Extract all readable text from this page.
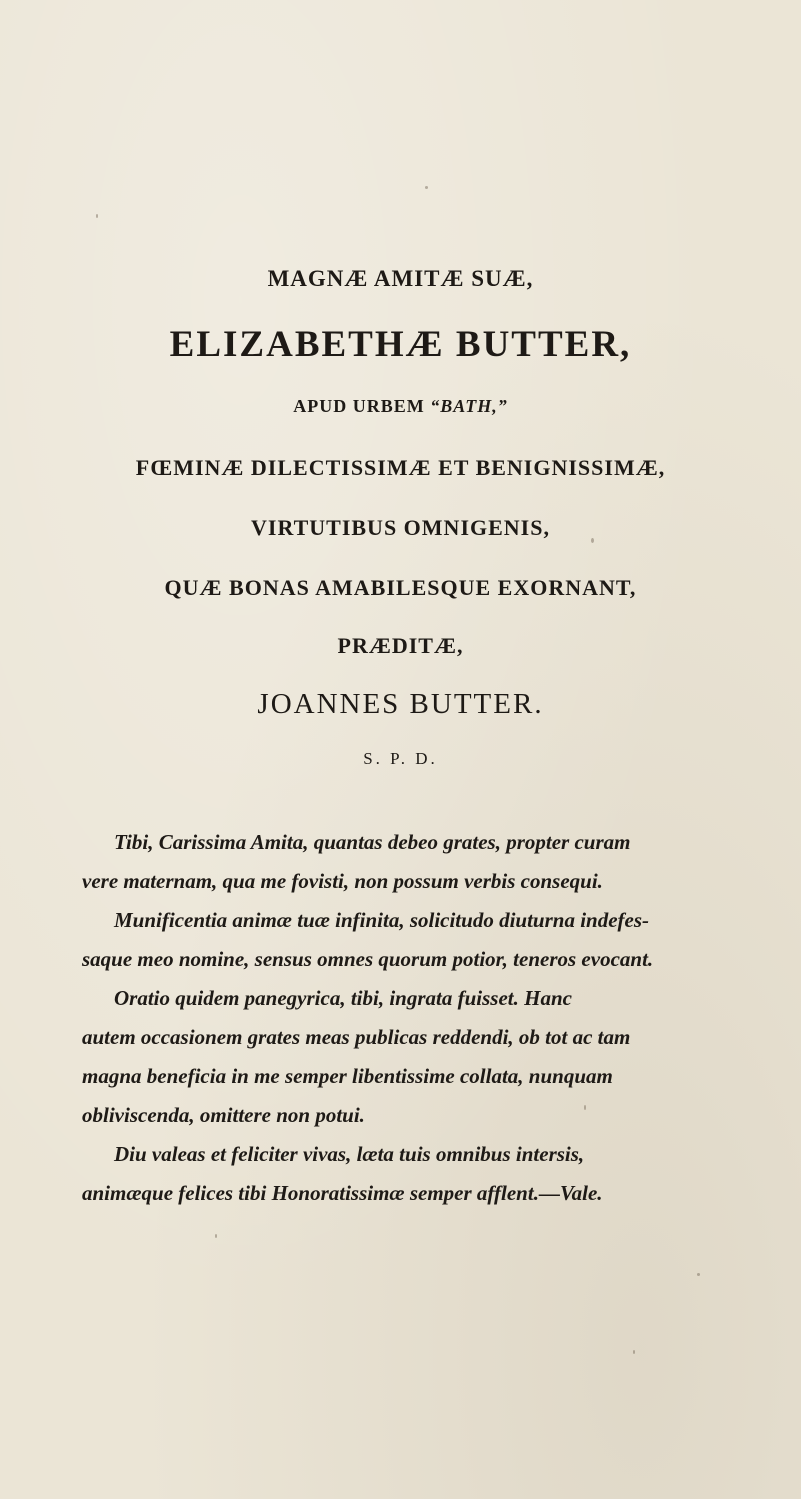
MAGNÆ AMITÆ SUÆ,
ELIZABETHÆ BUTTER,
APUD URBEM “BATH,”
FŒMINÆ DILECTISSIMÆ ET BENIGNISSIMÆ,
VIRTUTIBUS OMNIGENIS,
QUÆ BONAS AMABILESQUE EXORNANT,
PRÆDITÆ,
JOANNES BUTTER.
S. P. D.
Tibi, Carissima Amita, quantas debeo grates, propter curam
vere maternam, qua me fovisti, non possum verbis consequi.
Munificentia animæ tuæ infinita, solicitudo diuturna indefes-
saque meo nomine, sensus omnes quorum potior, teneros evocant.
Oratio quidem panegyrica, tibi, ingrata fuisset. Hanc
autem occasionem grates meas publicas reddendi, ob tot ac tam
magna beneficia in me semper libentissime collata, nunquam
obliviscenda, omittere non potui.
Diu valeas et feliciter vivas, læta tuis omnibus intersis,
animæque felices tibi Honoratissimæ semper afflent.—Vale.
